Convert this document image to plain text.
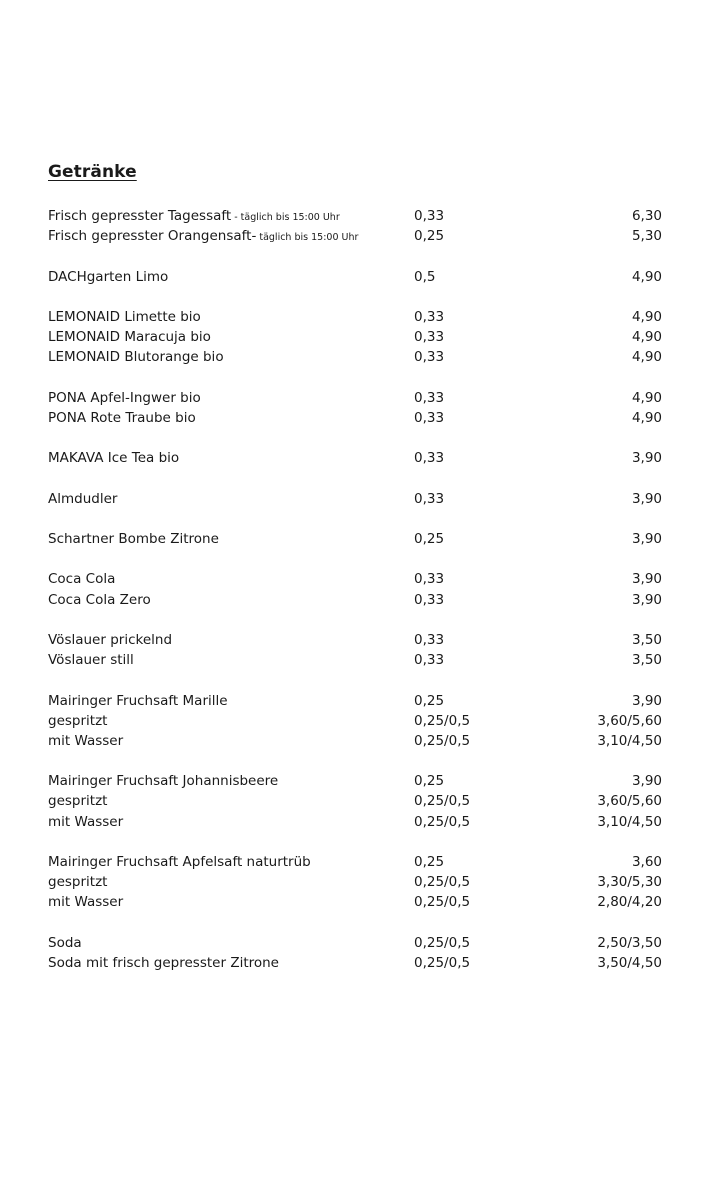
Getränke
Frisch gepresster Tagessaft - täglich bis 15:00 Uhr	0,33	6,30
Frisch gepresster Orangensaft- täglich bis 15:00 Uhr	0,25	5,30
DACHgarten Limo	0,5	4,90
LEMONAID Limette bio	0,33	4,90
LEMONAID Maracuja bio	0,33	4,90
LEMONAID Blutorange bio	0,33	4,90
PONA Apfel-Ingwer bio	0,33	4,90
PONA Rote Traube bio	0,33	4,90
MAKAVA Ice Tea bio	0,33	3,90
Almdudler	0,33	3,90
Schartner Bombe Zitrone	0,25	3,90
Coca Cola	0,33	3,90
Coca Cola Zero	0,33	3,90
Vöslauer prickelnd	0,33	3,50
Vöslauer still	0,33	3,50
Mairinger Fruchsaft Marille	0,25	3,90
gespritzt	0,25/0,5	3,60/5,60
mit Wasser	0,25/0,5	3,10/4,50
Mairinger Fruchsaft Johannisbeere	0,25	3,90
gespritzt	0,25/0,5	3,60/5,60
mit Wasser	0,25/0,5	3,10/4,50
Mairinger Fruchsaft Apfelsaft naturtrüb	0,25	3,60
gespritzt	0,25/0,5	3,30/5,30
mit Wasser	0,25/0,5	2,80/4,20
Soda	0,25/0,5	2,50/3,50
Soda mit frisch gepresster Zitrone	0,25/0,5	3,50/4,50
